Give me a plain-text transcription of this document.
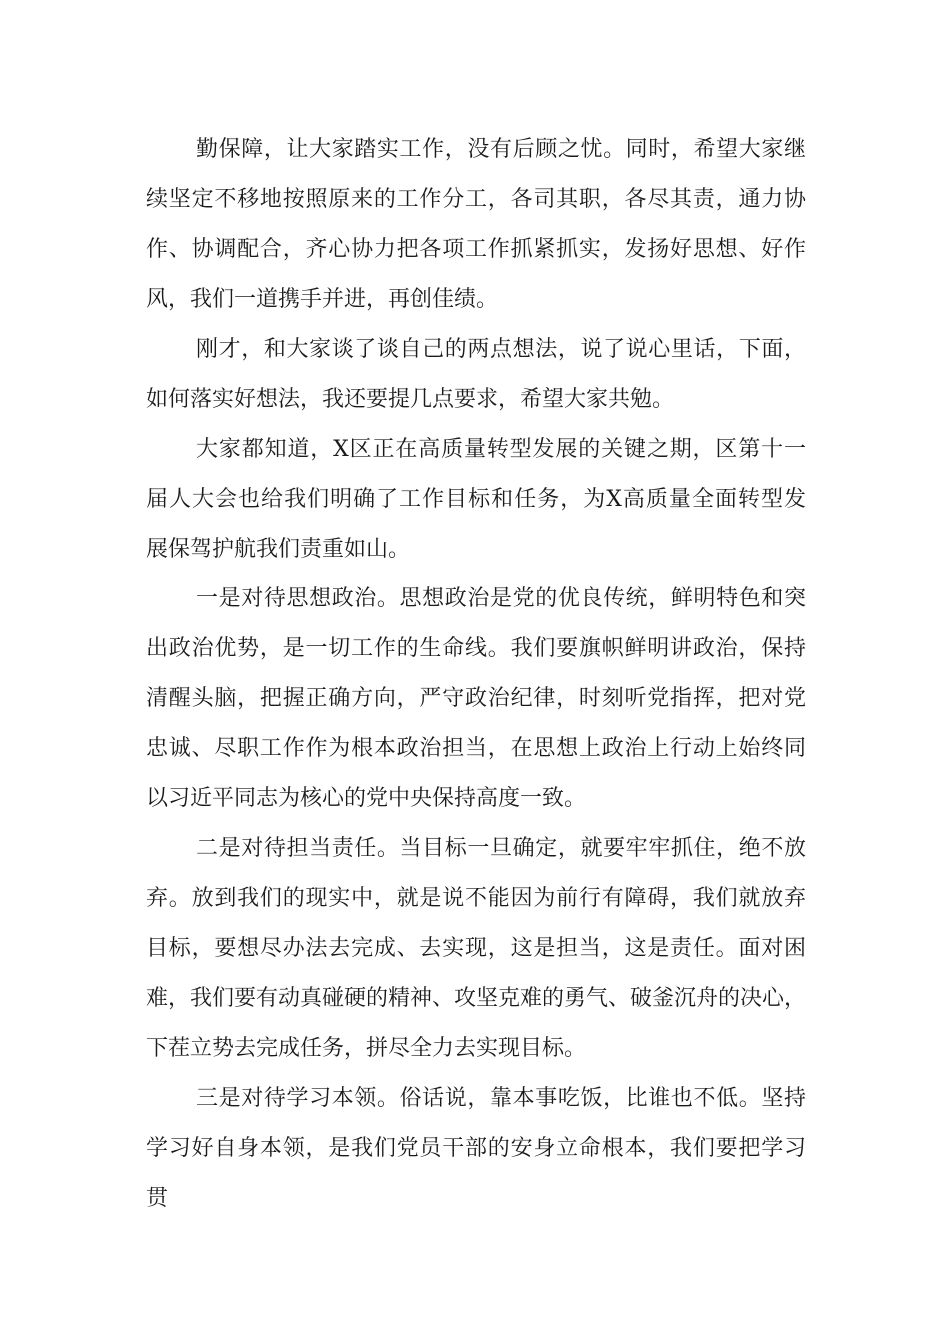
勤保障，让大家踏实工作，没有后顾之忧。同时，希望大家继
续坚定不移地按照原来的工作分工，各司其职，各尽其责，通力协
作、协调配合，齐心协力把各项工作抓紧抓实，发扬好思想、好作
风，我们一道携手并进，再创佳绩。
刚才，和大家谈了谈自己的两点想法，说了说心里话，下面，
如何落实好想法，我还要提几点要求，希望大家共勉。
大家都知道，X区正在高质量转型发展的关键之期，区第十一
届人大会也给我们明确了工作目标和任务，为X高质量全面转型发
展保驾护航我们责重如山。
一是对待思想政治。思想政治是党的优良传统，鲜明特色和突
出政治优势，是一切工作的生命线。我们要旗帜鲜明讲政治，保持
清醒头脑，把握正确方向，严守政治纪律，时刻听党指挥，把对党
忠诚、尽职工作作为根本政治担当，在思想上政治上行动上始终同
以习近平同志为核心的党中央保持高度一致。
二是对待担当责任。当目标一旦确定，就要牢牢抓住，绝不放
弃。放到我们的现实中，就是说不能因为前行有障碍，我们就放弃
目标，要想尽办法去完成、去实现，这是担当，这是责任。面对困
难，我们要有动真碰硬的精神、攻坚克难的勇气、破釜沉舟的决心，
下茬立势去完成任务，拼尽全力去实现目标。
三是对待学习本领。俗话说，靠本事吃饭，比谁也不低。坚持
学习好自身本领，是我们党员干部的安身立命根本，我们要把学习
贯
